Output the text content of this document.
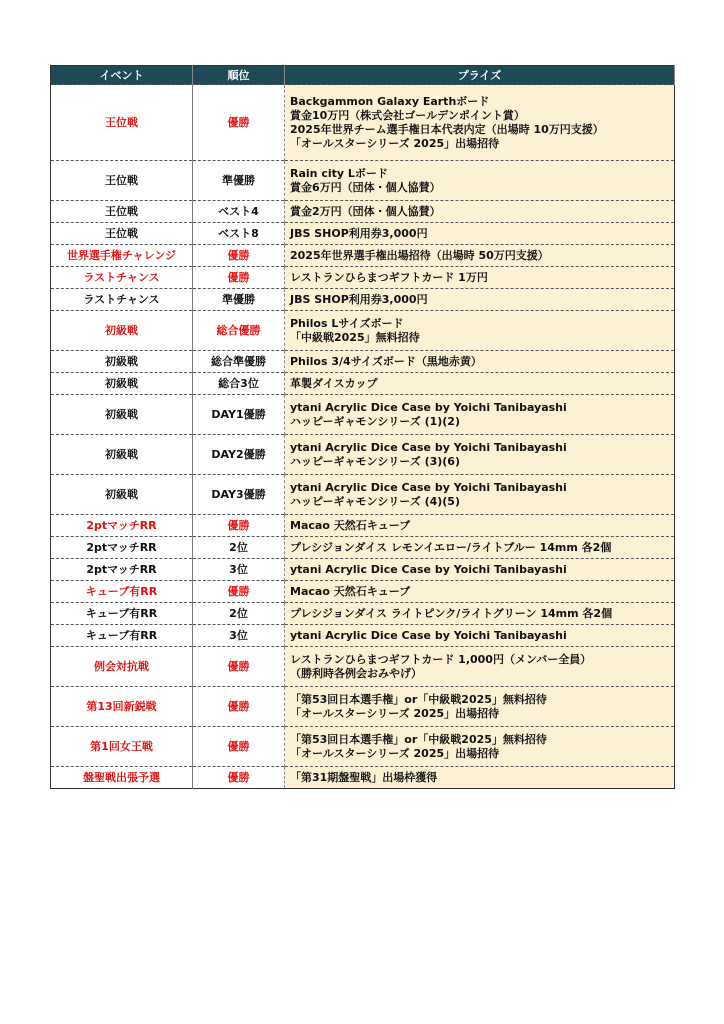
イベント	順位	プライズ
王位戦	優勝	Backgammon Galaxy Earthボード
賞金10万円（株式会社ゴールデンポイント賞）
2025年世界チーム選手権日本代表内定（出場時 10万円支援）
「オールスターシリーズ 2025」出場招待

王位戦	準優勝	Rain city Lボード
賞金6万円（団体・個人協賛）

王位戦	ベスト4	賞金2万円（団体・個人協賛）

王位戦	ベスト8	JBS SHOP利用券3,000円

世界選手権チャレンジ	優勝	2025年世界選手権出場招待（出場時 50万円支援）

ラストチャンス	優勝	レストランひらまつギフトカード 1万円

ラストチャンス	準優勝	JBS SHOP利用券3,000円

初級戦	総合優勝	Philos Lサイズボード
「中級戦2025」無料招待

初級戦	総合準優勝	Philos 3/4サイズボード（黒地赤黄）

初級戦	総合3位	革製ダイスカップ

初級戦	DAY1優勝	ytani Acrylic Dice Case by Yoichi Tanibayashi
ハッピーギャモンシリーズ (1)(2)

初級戦	DAY2優勝	ytani Acrylic Dice Case by Yoichi Tanibayashi
ハッピーギャモンシリーズ (3)(6)

初級戦	DAY3優勝	ytani Acrylic Dice Case by Yoichi Tanibayashi
ハッピーギャモンシリーズ (4)(5)

2ptマッチRR	優勝	Macao 天然石キューブ

2ptマッチRR	2位	プレシジョンダイス レモンイエロー/ライトブルー 14mm 各2個

2ptマッチRR	3位	ytani Acrylic Dice Case by Yoichi Tanibayashi

キューブ有RR	優勝	Macao 天然石キューブ

キューブ有RR	2位	プレシジョンダイス ライトピンク/ライトグリーン 14mm 各2個

キューブ有RR	3位	ytani Acrylic Dice Case by Yoichi Tanibayashi

例会対抗戦	優勝	レストランひらまつギフトカード 1,000円（メンバー全員）
（勝利時各例会おみやげ）

第13回新鋭戦	優勝	「第53回日本選手権」or「中級戦2025」無料招待
「オールスターシリーズ 2025」出場招待

第1回女王戦	優勝	「第53回日本選手権」or「中級戦2025」無料招待
「オールスターシリーズ 2025」出場招待

盤聖戦出張予選	優勝	「第31期盤聖戦」出場枠獲得
